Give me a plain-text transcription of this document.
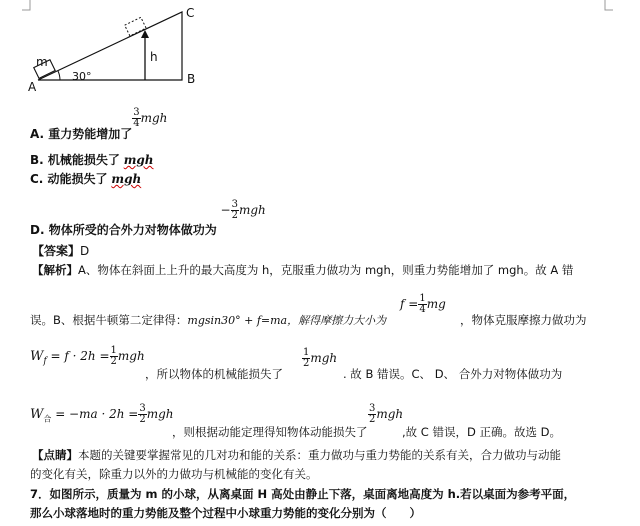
m
A
30°
h
B
C
A. 重力势能增加了
$\frac{3}{4}$ mgh
B. 机械能损失了 mgh
C. 动能损失了 mgh
D. 物体所受的合外力对物体做功为 − $\frac{3}{2}$ mgh
【答案】D
【解析】A、物体在斜面上上升的最大高度为 h，克服重力做功为 mgh，则重力势能增加了 mgh。故 A 错
误。B、根据牛顿第二定律得：mgsin30° + f=ma，解得摩擦力大小为
$f = \frac{1}{4}$ mg
，物体克服摩擦力做功为
$W_f = f \cdot 2h = \frac{1}{2}$ mgh
，所以物体的机械能损失了
$\frac{1}{2}$ mgh
. 故 B 错误。C、 D、 合外力对物体做功为
$W_合 = -ma \cdot 2h = \frac{3}{2}$ mgh
，则根据动能定理得知物体动能损失了
$\frac{3}{2}$ mgh
,故 C 错误，D 正确。故选 D。
【点睛】本题的关键要掌握常见的几对功和能的关系：重力做功与重力势能的关系有关，合力做功与动能
的变化有关，除重力以外的力做功与机械能的变化有关。
7．如图所示，质量为 m 的小球，从离桌面 H 高处由静止下落，桌面离地高度为 h.若以桌面为参考平面，
那么小球落地时的重力势能及整个过程中小球重力势能的变化分别为（　　）
